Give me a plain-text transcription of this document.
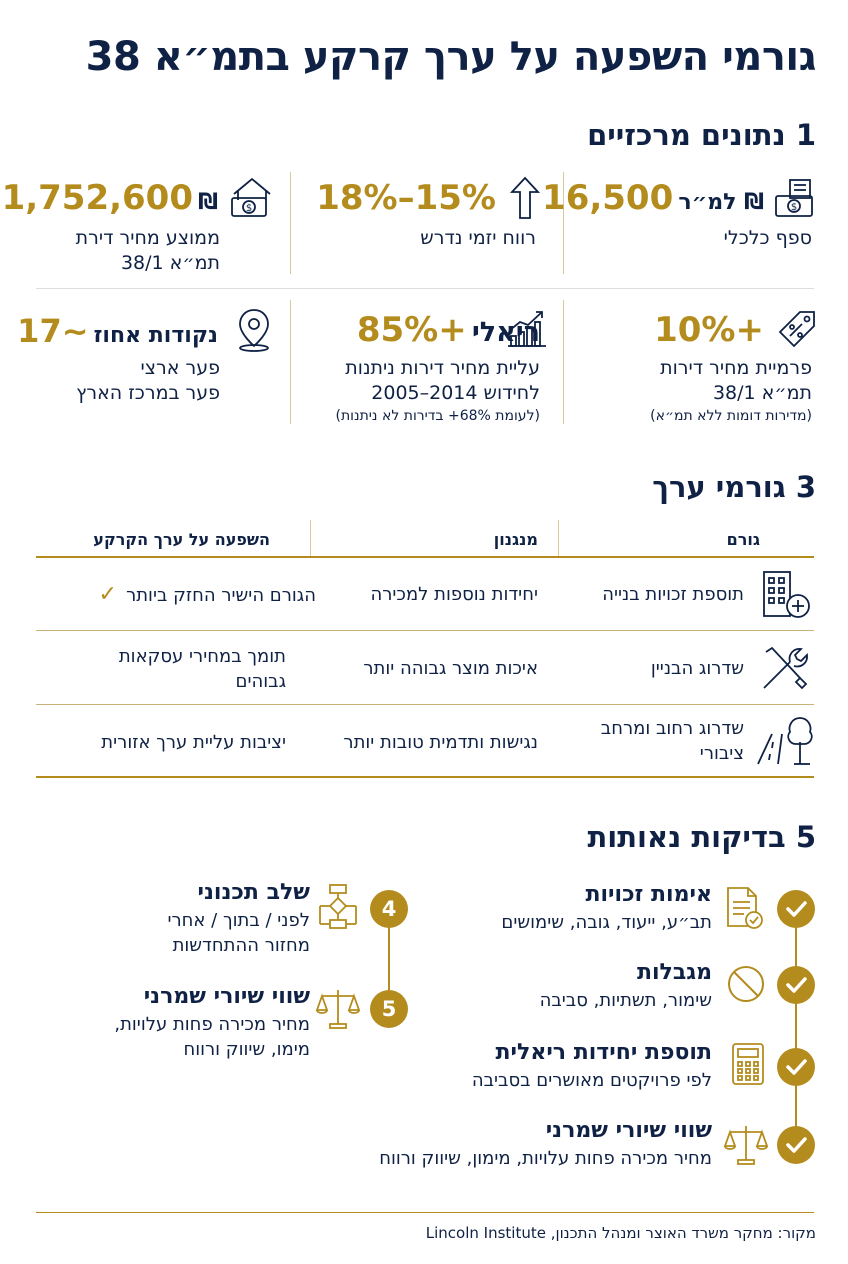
גורמי השפעה על ערך קרקע בתמ״א 38
1 נתונים מרכזיים
$
₪ למ״ר 16,500
ספף כלכלי
15%–18%
רווח יזמי נדרש
$
₪ 1,752,600
ממוצע מחיר דירת
תמ״א 38/1
+10%
פרמיית מחיר דירות
תמ״א 38/1
(מדירות דומות ללא תמ״א)
ריאלי +85%
עליית מחיר דירות ניתנות
לחידוש 2014–2005
(לעומת 68%+ בדירות לא ניתנות)
נקודות אחוז ~17
פער ארצי
פער במרכז הארץ
3 גורמי ערך
גורם
מנגנון
השפעה על ערך הקרקע
תוספת זכויות בנייה
יחידות נוספות למכירה
הגורם הישיר החזק ביותר ✓
שדרוג הבניין
איכות מוצר גבוהה יותר
תומך במחירי עסקאות גבוהים
שדרוג רחוב ומרחב ציבורי
נגישות ותדמית טובות יותר
יציבות עליית ערך אזורית
5 בדיקות נאותות
אימות זכויות
תב״ע, ייעוד, גובה, שימושים
מגבלות
שימור, תשתיות, סביבה
תוספת יחידות ריאלית
לפי פרויקטים מאושרים בסביבה
שווי שיורי שמרני
מחיר מכירה פחות עלויות, מימון, שיווק ורווח
4
שלב תכנוני
לפני / בתוך / אחרי
מחזור ההתחדשות
5
שווי שיורי שמרני
מחיר מכירה פחות עלויות,
מימו, שיווק ורווח
מקור: מחקר משרד האוצר ומנהל התכנון, Lincoln Institute
